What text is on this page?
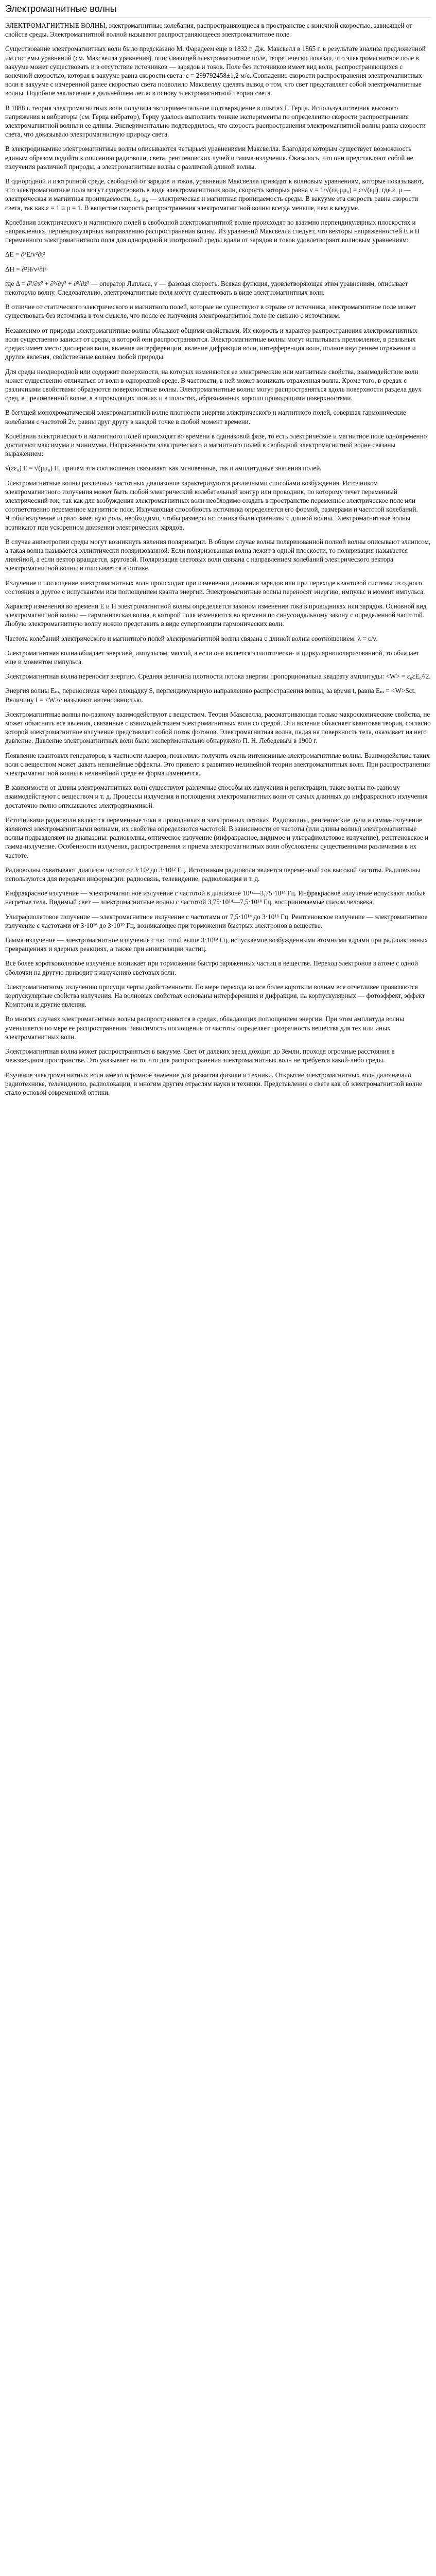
Электромагнитные волны

ЭЛЕКТРОМАГНИТНЫЕ ВОЛНЫ, электромагнитные колебания, распространяющиеся в пространстве с конечной скоростью, зависящей от свойств среды. Электромагнитной волной называют распространяющееся электромагнитное поле.

Существование электромагнитных волн было предсказано М. Фарадеем еще в 1832 г. Дж. Максвелл в 1865 г. в результате анализа предложенной им системы уравнений (см. Максвелла уравнения), описывающей электромагнитное поле, теоретически показал, что электромагнитное поле в вакууме может существовать и в отсутствие источников — зарядов и токов. Поле без источников имеет вид волн, распространяющихся с конечной скоростью, которая в вакууме равна скорости света: с = 299792458±1,2 м/с. Совпадение скорости распространения электромагнитных волн в вакууме с измеренной ранее скоростью света позволило Максвеллу сделать вывод о том, что свет представляет собой электромагнитные волны. Подобное заключение в дальнейшем легло в основу электромагнитной теории света.

В 1888 г. теория электромагнитных волн получила экспериментальное подтверждение в опытах Г. Герца. Используя источник высокого напряжения и вибраторы (см. Герца вибратор), Герцу удалось выполнить тонкие эксперименты по определению скорости распространения электромагнитной волны и ее длины. Экспериментально подтвердилось, что скорость распространения электромагнитной волны равна скорости света, что доказывало электромагнитную природу света.

В электродинамике электромагнитные волны описываются четырьмя уравнениями Максвелла. Благодаря которым существует возможность единым образом подойти к описанию радиоволн, света, рентгеновских лучей и гамма-излучения. Оказалось, что они представляют собой не излучения различной природы, а электромагнитные волны с различной длиной волны.

В однородной и изотропной среде, свободной от зарядов и токов, уравнения Максвелла приводят к волновым уравнениям, которые показывают, что электромагнитные поля могут существовать в виде электромагнитных волн, скорость которых равна v = 1/√(εε₀μμ₀) = c/√(εμ), где ε, μ — электрическая и магнитная проницаемости, ε₀, μ₀ — электрическая и магнитная проницаемость среды. В вакууме эта скорость равна скорости света, так как ε = 1 и μ = 1. В веществе скорость распространения электромагнитной волны всегда меньше, чем в вакууме.

Колебания электрического и магнитного полей в свободной электромагнитной волне происходят во взаимно перпендикулярных плоскостях и направлениях, перпендикулярных направлению распространения волны. Из уравнений Максвелла следует, что векторы напряженностей Е и Н переменного электромагнитного поля для однородной и изотропной среды вдали от зарядов и токов удовлетворяют волновым уравнениям:

ΔE = ∂²E/v²∂t²

ΔH = ∂²H/v²∂t²

где Δ = ∂²/∂x² + ∂²/∂y² + ∂²/∂z² — оператор Лапласа, v — фазовая скорость. Всякая функция, удовлетворяющая этим уравнениям, описывает некоторую волну. Следовательно, электромагнитные поля могут существовать в виде электромагнитных волн.

В отличие от статического электрического и магнитного полей, которые не существуют в отрыве от источника, электромагнитное поле может существовать без источника в том смысле, что после ее излучения электромагнитное поле не связано с источником.

Независимо от природы электромагнитные волны обладают общими свойствами. Их скорость и характер распространения электромагнитных волн существенно зависит от среды, в которой они распространяются. Электромагнитные волны могут испытывать преломление, в реальных средах имеет место дисперсия волн, явление интерференции, явление дифракции волн, интерференция волн, полное внутреннее отражение и другие явления, свойственные волнам любой природы.

Для среды неоднородной или содержит поверхности, на которых изменяются ее электрические или магнитные свойства, взаимодействие волн может существенно отличаться от волн в однородной среде. В частности, в ней может возникать отраженная волна. Кроме того, в средах с различными свойствами образуются поверхностные волны. Электромагнитные волны могут распространяться вдоль поверхности раздела двух сред, в преломленной волне, а в проводящих линиях и в полостях, образованных хорошо проводящими поверхностями.

В бегущей монохроматической электромагнитной волне плотности энергии электрического и магнитного полей, совершая гармонические колебания с частотой 2ν, равны друг другу в каждой точке в любой момент времени.

Колебания электрического и магнитного полей происходят во времени в одинаковой фазе, то есть электрическое и магнитное поле одновременно достигают максимума и минимума. Напряженности электрического и магнитного полей в свободной электромагнитной волне связаны выражением:

√(εε₀) E = √(μμ₀) H, причем эти соотношения связывают как мгновенные, так и амплитудные значения полей.

Электромагнитные волны различных частотных диапазонов характеризуются различными способами возбуждения. Источником электромагнитного излучения может быть любой электрический колебательный контур или проводник, по которому течет переменный электрический ток, так как для возбуждения электромагнитных волн необходимо создать в пространстве переменное электрическое поле или соответственно переменное магнитное поле. Излучающая способность источника определяется его формой, размерами и частотой колебаний. Чтобы излучение играло заметную роль, необходимо, чтобы размеры источника были сравнимы с длиной волны. Электромагнитные волны возникают при ускоренном движении электрических зарядов.

В случае анизотропии среды могут возникнуть явления поляризации. В общем случае волны поляризованной полной волны описывают эллипсом, а такая волна называется эллиптически поляризованной. Если поляризованная волна лежит в одной плоскости, то поляризация называется линейной, а если вектор вращается, круговой. Поляризация световых волн связана с направлением колебаний электрического вектора электромагнитной волны и описывается в оптике.

Излучение и поглощение электромагнитных волн происходит при изменении движения зарядов или при переходе квантовой системы из одного состояния в другое с испусканием или поглощением кванта энергии. Электромагнитные волны переносят энергию, импульс и момент импульса.

Характер изменения во времени Е и Н электромагнитной волны определяется законом изменения тока в проводниках или зарядов. Основной вид электромагнитной волны — гармоническая волна, в которой поля изменяются во времени по синусоидальному закону с определенной частотой. Любую электромагнитную волну можно представить в виде суперпозиции гармонических волн.

Частота колебаний электрического и магнитного полей электромагнитной волны связана с длиной волны соотношением: λ = c/ν.

Электромагнитная волна обладает энергией, импульсом, массой, а если она является эллиптически- и циркулярнополяризованной, то обладает еще и моментом импульса.

Электромагнитная волна переносит энергию. Средняя величина плотности потока энергии пропорциональна квадрату амплитуды: <W> = ε₀εE₀²/2.

Энергия волны Eₘ, переносимая через площадку S, перпендикулярную направлению распространения волны, за время t, равна Eₘ = <W>Sct. Величину I = <W>c называют интенсивностью.

Электромагнитные волны по-разному взаимодействуют с веществом. Теория Максвелла, рассматривающая только макроскопические свойства, не может объяснить все явления, связанные с взаимодействием электромагнитных волн со средой. Эти явления объясняет квантовая теория, согласно которой электромагнитное излучение представляет собой поток фотонов. Электромагнитная волна, падая на поверхность тела, оказывает на него давление. Давление электромагнитных волн было экспериментально обнаружено П. Н. Лебедевым в 1900 г.

Появление квантовых генераторов, в частности лазеров, позволило получить очень интенсивные электромагнитные волны. Взаимодействие таких волн с веществом может давать нелинейные эффекты. Это привело к развитию нелинейной теории электромагнитных волн. При распространении электромагнитной волны в нелинейной среде ее форма изменяется.

В зависимости от длины электромагнитных волн существуют различные способы их излучения и регистрации, такие волны по-разному взаимодействуют с веществом и т. д. Процессы излучения и поглощения электромагнитных волн от самых длинных до инфракрасного излучения достаточно полно описываются электродинамикой.

Источниками радиоволн являются переменные токи в проводниках и электронных потоках. Радиоволны, ренгеновские лучи и гамма-излучение являются электромагнитными волнами, их свойства определяются частотой. В зависимости от частоты (или длины волны) электромагнитные волны подразделяют на диапазоны: радиоволны, оптическое излучение (инфракрасное, видимое и ультрафиолетовое излучение), рентгеновское и гамма-излучение. Особенности излучения, распространения и приема электромагнитных волн обусловлены существенными различиями в их частоте.

Радиоволны охватывают диапазон частот от 3·10³ до 3·10¹² Гц. Источником радиоволн является переменный ток высокой частоты. Радиоволны используются для передачи информации: радиосвязь, телевидение, радиолокация и т. д.

Инфракрасное излучение — электромагнитное излучение с частотой в диапазоне 10¹²—3,75·10¹⁴ Гц. Инфракрасное излучение испускают любые нагретые тела. Видимый свет — электромагнитные волны с частотой 3,75·10¹⁴—7,5·10¹⁴ Гц, воспринимаемые глазом человека.

Ультрафиолетовое излучение — электромагнитное излучение с частотами от 7,5·10¹⁴ до 3·10¹⁶ Гц. Рентгеновское излучение — электромагнитное излучение с частотами от 3·10¹⁶ до 3·10¹⁹ Гц, возникающее при торможении быстрых электронов в веществе.

Гамма-излучение — электромагнитное излучение с частотой выше 3·10¹⁹ Гц, испускаемое возбужденными атомными ядрами при радиоактивных превращениях и ядерных реакциях, а также при аннигиляции частиц.

Все более коротковолновое излучение возникает при торможении быстро заряженных частиц в веществе. Переход электронов в атоме с одной оболочки на другую приводит к излучению световых волн.

Электромагнитному излучению присущи черты двойственности. По мере перехода ко все более коротким волнам все отчетливее проявляются корпускулярные свойства излучения. На волновых свойствах основаны интерференция и дифракция, на корпускулярных — фотоэффект, эффект Комптона и другие явления.

Во многих случаях электромагнитные волны распространяются в средах, обладающих поглощением энергии. При этом амплитуда волны уменьшается по мере ее распространения. Зависимость поглощения от частоты определяет прозрачность вещества для тех или иных электромагнитных волн.

Электромагнитная волна может распространяться в вакууме. Свет от далеких звезд доходит до Земли, проходя огромные расстояния в межзвездном пространстве. Это указывает на то, что для распространения электромагнитных волн не требуется какой-либо среды.

Изучение электромагнитных волн имело огромное значение для развития физики и техники. Открытие электромагнитных волн дало начало радиотехнике, телевидению, радиолокации, и многим другим отраслям науки и техники. Представление о свете как об электромагнитной волне стало основой современной оптики.
